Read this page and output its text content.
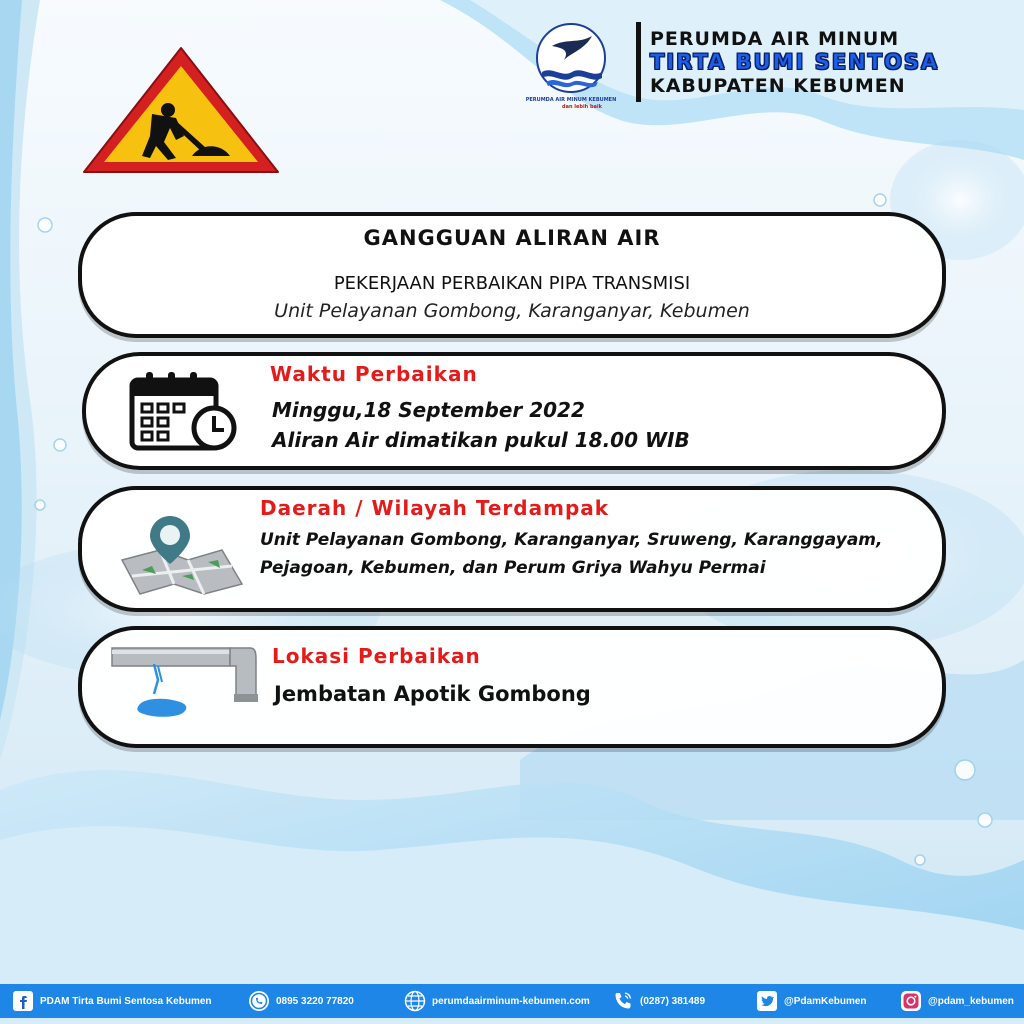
PERUMDA AIR MINUM KEBUMEN
dan lebih baik
PERUMDA AIR MINUM
TIRTA BUMI SENTOSA
KABUPATEN KEBUMEN
GANGGUAN ALIRAN AIR
PEKERJAAN PERBAIKAN PIPA TRANSMISI
Unit Pelayanan Gombong, Karanganyar, Kebumen
Waktu Perbaikan
Minggu,18 September 2022
Aliran Air dimatikan pukul 18.00 WIB
Daerah / Wilayah Terdampak
Unit Pelayanan Gombong, Karanganyar, Sruweng, Karanggayam,
Pejagoan, Kebumen, dan Perum Griya Wahyu Permai
Lokasi Perbaikan
Jembatan Apotik Gombong
PDAM Tirta Bumi Sentosa Kebumen	0895 3220 77820	perumdaairminum-kebumen.com	(0287) 381489	@PdamKebumen	@pdam_kebumen
